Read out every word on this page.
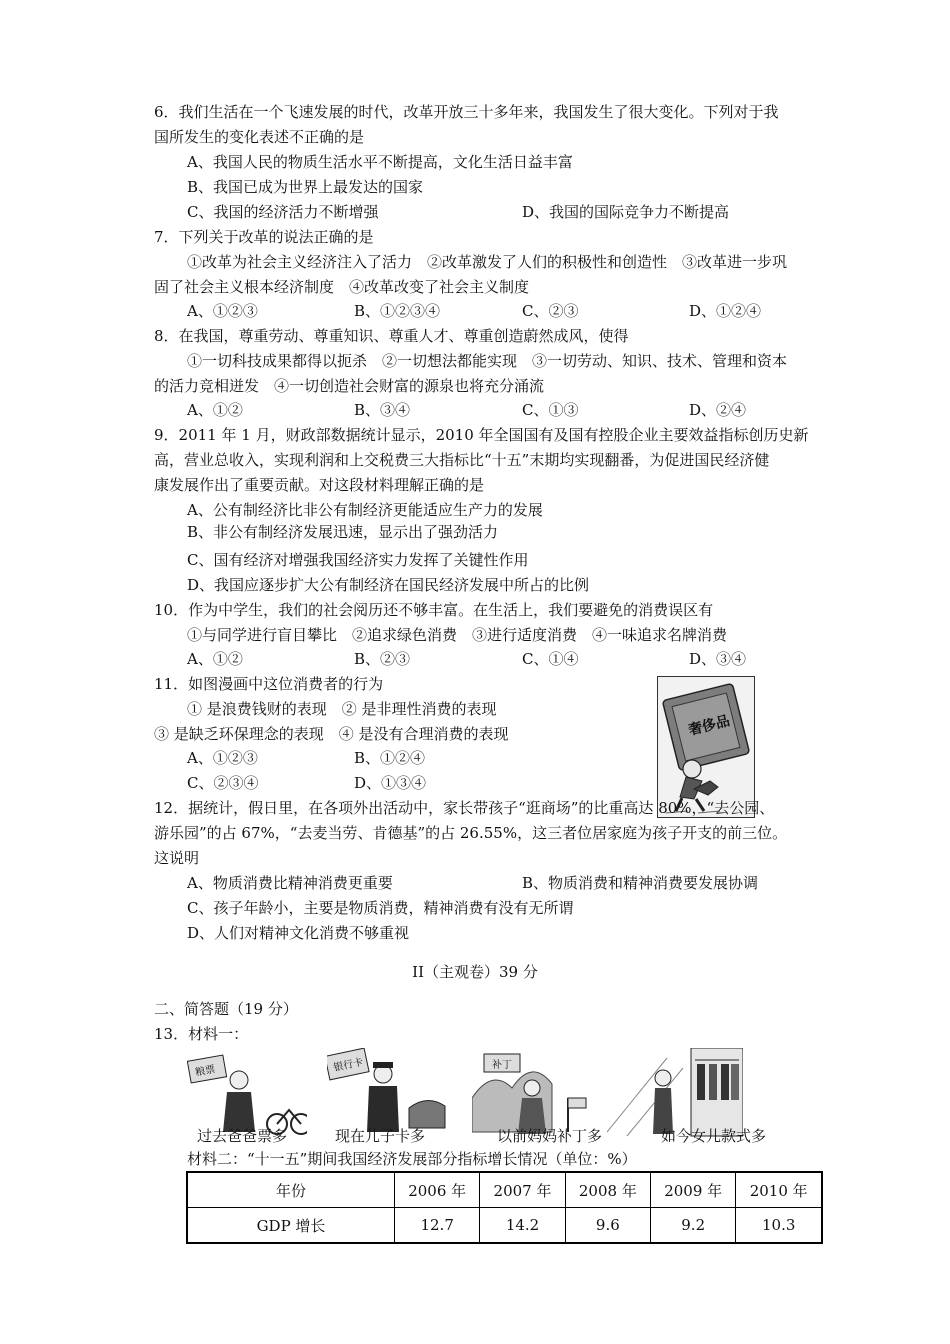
6．我们生活在一个飞速发展的时代，改革开放三十多年来，我国发生了很大变化。下列对于我
国所发生的变化表述不正确的是
A、我国人民的物质生活水平不断提高，文化生活日益丰富
B、我国已成为世界上最发达的国家
C、我国的经济活力不断增强	D、我国的国际竞争力不断提高
7．下列关于改革的说法正确的是
①改革为社会主义经济注入了活力　②改革激发了人们的积极性和创造性　③改革进一步巩
固了社会主义根本经济制度　④改革改变了社会主义制度
A、①②③	B、①②③④	C、②③	D、①②④
8．在我国，尊重劳动、尊重知识、尊重人才、尊重创造蔚然成风，使得
①一切科技成果都得以扼杀　②一切想法都能实现　③一切劳动、知识、技术、管理和资本
的活力竞相迸发　④一切创造社会财富的源泉也将充分涌流
A、①②	B、③④	C、①③	D、②④
9．2011 年 1 月，财政部数据统计显示，2010 年全国国有及国有控股企业主要效益指标创历史新
高，营业总收入，实现利润和上交税费三大指标比“十五”末期均实现翻番，为促进国民经济健
康发展作出了重要贡献。对这段材料理解正确的是
A、公有制经济比非公有制经济更能适应生产力的发展
B、非公有制经济发展迅速，显示出了强劲活力
C、国有经济对增强我国经济实力发挥了关键性作用
D、我国应逐步扩大公有制经济在国民经济发展中所占的比例
10．作为中学生，我们的社会阅历还不够丰富。在生活上，我们要避免的消费误区有
①与同学进行盲目攀比　②追求绿色消费　③进行适度消费　④一味追求名牌消费
A、①②	B、②③	C、①④	D、③④
11．如图漫画中这位消费者的行为
① 是浪费钱财的表现　② 是非理性消费的表现
③ 是缺乏环保理念的表现　④ 是没有合理消费的表现
A、①②③	B、①②④
C、②③④	D、①③④
奢侈品
12．据统计，假日里，在各项外出活动中，家长带孩子“逛商场”的比重高达 80%，“去公园、
游乐园”的占 67%，“去麦当劳、肯德基”的占 26.55%，这三者位居家庭为孩子开支的前三位。
这说明
A、物质消费比精神消费更重要	B、物质消费和精神消费要发展协调
C、孩子年龄小，主要是物质消费，精神消费有没有无所谓
D、人们对精神文化消费不够重视
II（主观卷）39 分
二、简答题（19 分）
13．材料一：
粮票	银行卡	补丁
过去爸爸票多	现在儿子卡多	以前妈妈补丁多	如今女儿款式多
材料二：“十一五”期间我国经济发展部分指标增长情况（单位：%）
年份	2006 年	2007 年	2008 年	2009 年	2010 年
GDP 增长	12.7	14.2	9.6	9.2	10.3
